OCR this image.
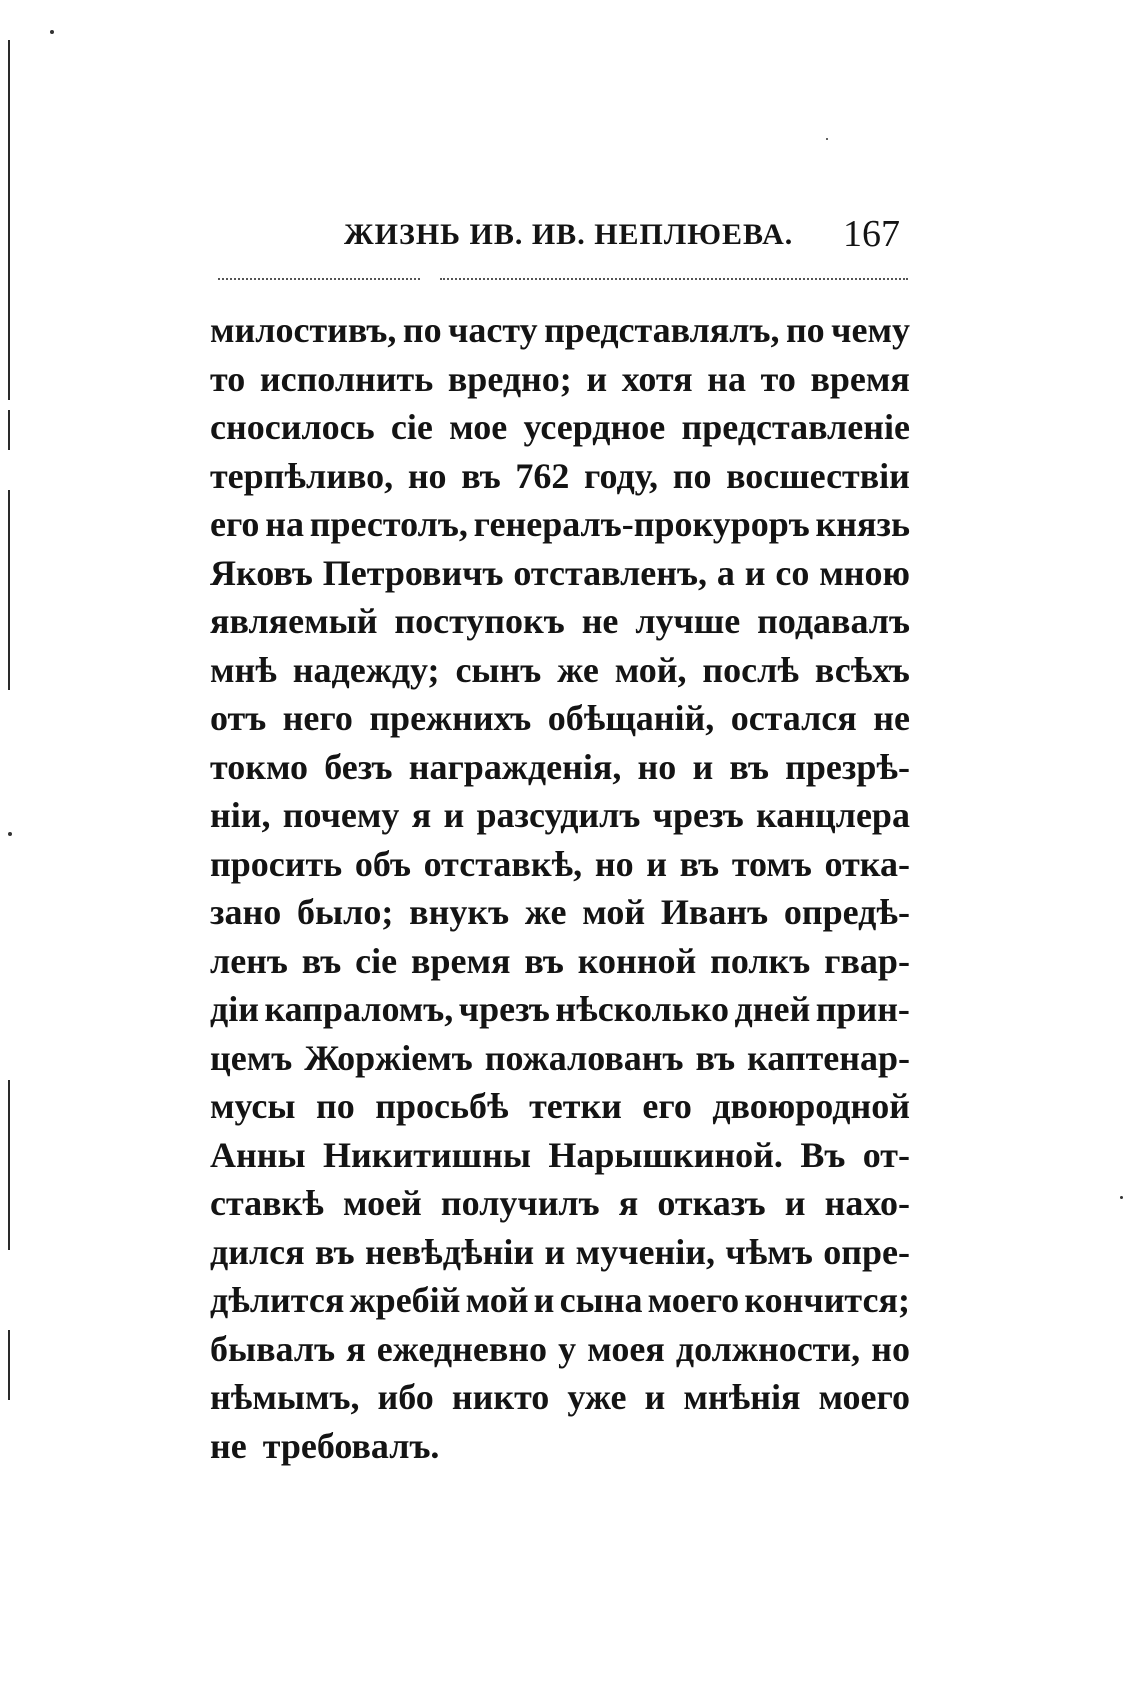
ЖИЗНЬ ИВ. ИВ. НЕПЛЮЕВА. 167
милостивъ, по часту представлялъ, по чему
то исполнить вредно; и хотя на то время
сносилось сіе мое усердное представленіе
терпѣливо, но въ 762 году, по восшествіи
его на престолъ, генералъ-прокуроръ князь
Яковъ Петровичъ отставленъ, а и со мною
являемый поступокъ не лучше подавалъ
мнѣ надежду; сынъ же мой, послѣ всѣхъ
отъ него прежнихъ обѣщаній, остался не
токмо безъ награжденія, но и въ презрѣ-
ніи, почему я и разсудилъ чрезъ канцлера
просить объ отставкѣ, но и въ томъ отка-
зано было; внукъ же мой Иванъ опредѣ-
ленъ въ сіе время въ конной полкъ гвар-
діи капраломъ, чрезъ нѣсколько дней прин-
цемъ Жоржіемъ пожалованъ въ каптенар-
мусы по просьбѣ тетки его двоюродной
Анны Никитишны Нарышкиной. Въ от-
ставкѣ моей получилъ я отказъ и нахо-
дился въ невѣдѣніи и мученіи, чѣмъ опре-
дѣлится жребій мой и сына моего кончится;
бывалъ я ежедневно у моея должности, но
нѣмымъ, ибо никто уже и мнѣнія моего
не требовалъ.
